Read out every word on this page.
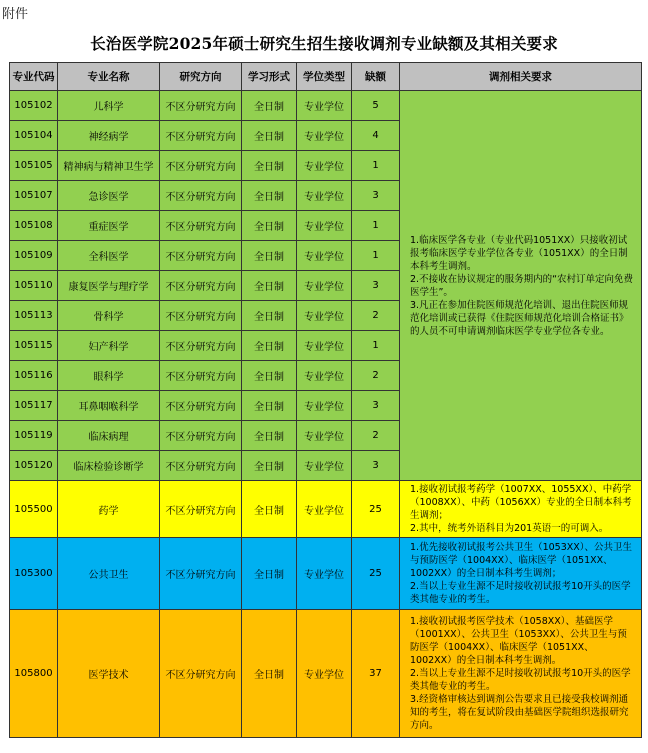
附件
长治医学院2025年硕士研究生招生接收调剂专业缺额及其相关要求
专业代码	专业名称	研究方向	学习形式	学位类型	缺额	调剂相关要求
105102	儿科学	不区分研究方向	全日制	专业学位	5	1.临床医学各专业（专业代码1051XX）只接收初试报考临床医学专业学位各专业（1051XX）的全日制本科考生调剂。

2.不接收在协议规定的服务期内的“农村订单定向免费医学生”。

3.凡正在参加住院医师规范化培训、退出住院医师规范化培训或已获得《住院医师规范化培训合格证书》的人员不可申请调剂临床医学专业学位各专业。

105104	神经病学	不区分研究方向	全日制	专业学位	4	
105105	精神病与精神卫生学	不区分研究方向	全日制	专业学位	1	
105107	急诊医学	不区分研究方向	全日制	专业学位	3	
105108	重症医学	不区分研究方向	全日制	专业学位	1	
105109	全科医学	不区分研究方向	全日制	专业学位	1	
105110	康复医学与理疗学	不区分研究方向	全日制	专业学位	3	
105113	骨科学	不区分研究方向	全日制	专业学位	2	
105115	妇产科学	不区分研究方向	全日制	专业学位	1	
105116	眼科学	不区分研究方向	全日制	专业学位	2	
105117	耳鼻咽喉科学	不区分研究方向	全日制	专业学位	3	
105119	临床病理	不区分研究方向	全日制	专业学位	2	
105120	临床检验诊断学	不区分研究方向	全日制	专业学位	3	
105500	药学	不区分研究方向	全日制	专业学位	25	1.接收初试报考药学（1007XX、1055XX）、中药学（1008XX）、中药（1056XX）专业的全日制本科考生调剂；

2.其中，统考外语科目为201英语一的可调入。

105300	公共卫生	不区分研究方向	全日制	专业学位	25	1.优先接收初试报考公共卫生（1053XX）、公共卫生与预防医学（1004XX）、临床医学（1051XX、1002XX）的全日制本科考生调剂；

2.当以上专业生源不足时接收初试报考10开头的医学类其他专业的考生。

105800	医学技术	不区分研究方向	全日制	专业学位	37	1.接收初试报考医学技术（1058XX）、基础医学（1001XX）、公共卫生（1053XX）、公共卫生与预防医学（1004XX）、临床医学（1051XX、1002XX）的全日制本科考生调剂。

2.当以上专业生源不足时接收初试报考10开头的医学类其他专业的考生。

3.经资格审核达到调剂公告要求且已接受我校调剂通知的考生，将在复试阶段由基础医学院组织选报研究方向。
